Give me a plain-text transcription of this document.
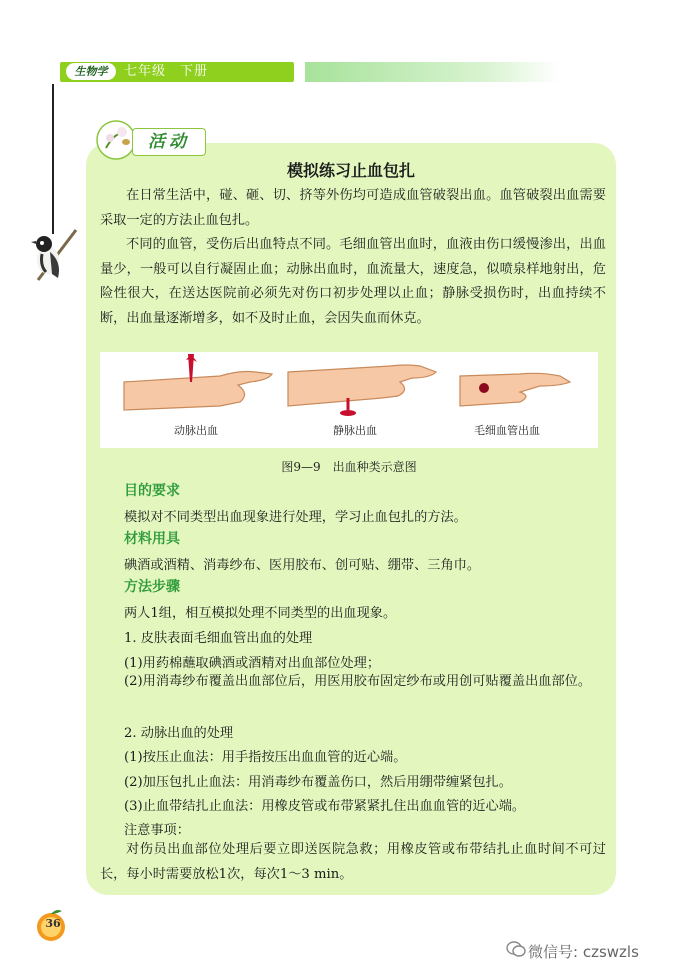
生物学	七年级　下册
活动
模拟练习止血包扎

在日常生活中，碰、砸、切、挤等外伤均可造成血管破裂出血。血管破裂出血需要采取一定的方法止血包扎。

不同的血管，受伤后出血特点不同。毛细血管出血时，血液由伤口缓慢渗出，出血量少，一般可以自行凝固止血；动脉出血时，血流量大，速度急，似喷泉样地射出，危险性很大，在送达医院前必须先对伤口初步处理以止血；静脉受损伤时，出血持续不断，出血量逐渐增多，如不及时止血，会因失血而休克。

动脉出血	静脉出血	毛细血管出血
图9—9　出血种类示意图
目的要求
模拟对不同类型出血现象进行处理，学习止血包扎的方法。
材料用具
碘酒或酒精、消毒纱布、医用胶布、创可贴、绷带、三角巾。
方法步骤
两人1组，相互模拟处理不同类型的出血现象。
1. 皮肤表面毛细血管出血的处理
(1)用药棉蘸取碘酒或酒精对出血部位处理；

(2)用消毒纱布覆盖出血部位后，用医用胶布固定纱布或用创可贴覆盖出血部位。

2. 动脉出血的处理
(1)按压止血法：用手指按压出血血管的近心端。
(2)加压包扎止血法：用消毒纱布覆盖伤口，然后用绷带缠紧包扎。
(3)止血带结扎止血法：用橡皮管或布带紧紧扎住出血血管的近心端。
注意事项：

对伤员出血部位处理后要立即送医院急救；用橡皮管或布带结扎止血时间不可过长，每小时需要放松1次，每次1～3 min。

36
微信号: czswzls
